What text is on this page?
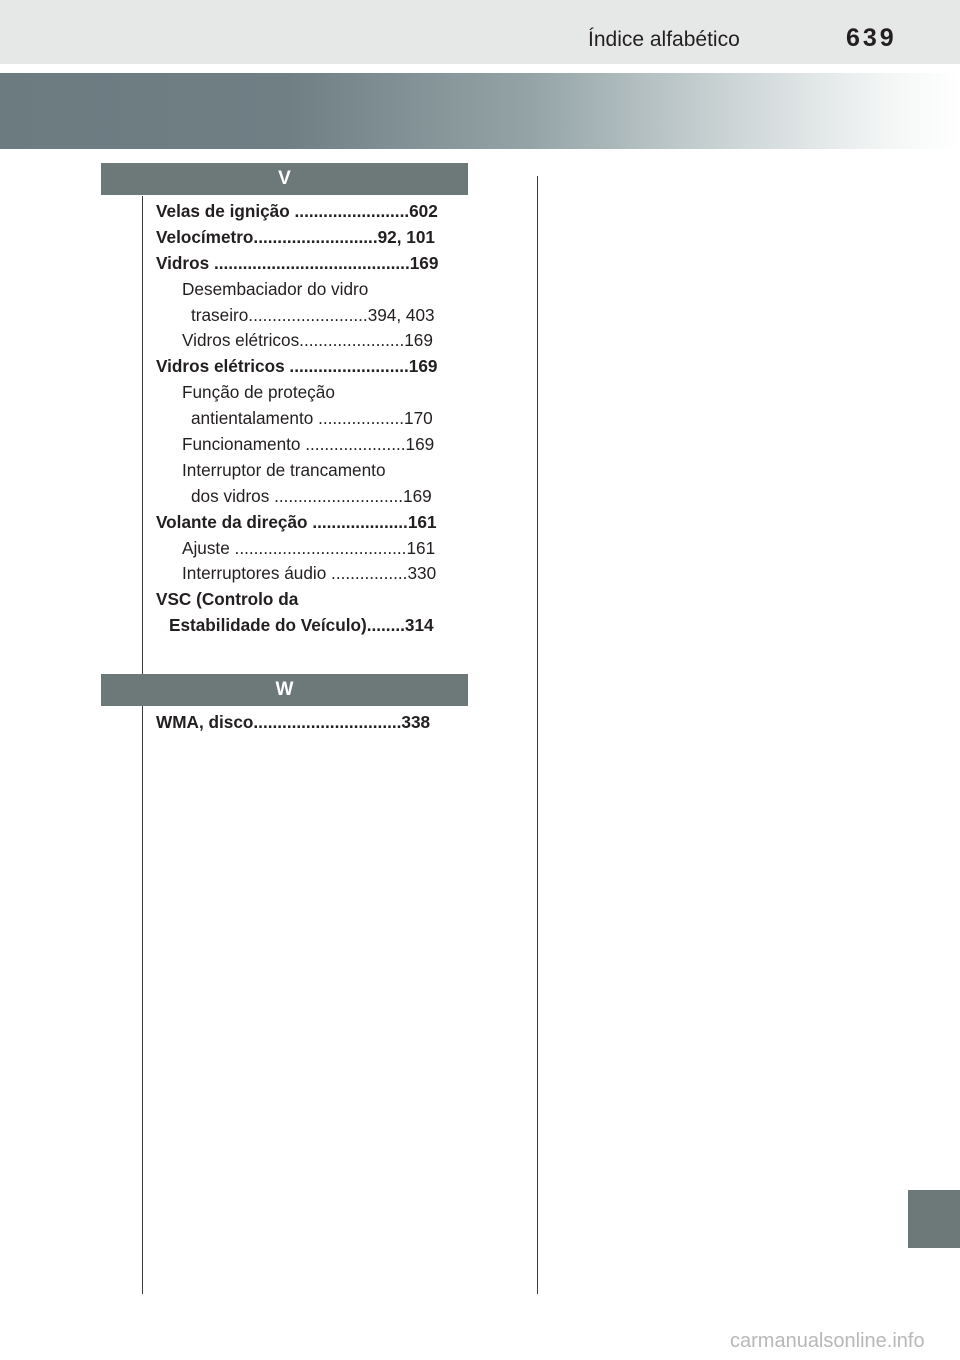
Índice alfabético	639
V
Velas de ignição ........................602
Velocímetro..........................92, 101
Vidros .........................................169
Desembaciador do vidro
traseiro.........................394, 403
Vidros elétricos......................169
Vidros elétricos .........................169
Função de proteção
antientalamento ..................170
Funcionamento .....................169
Interruptor de trancamento
dos vidros ...........................169
Volante da direção ....................161
Ajuste ....................................161
Interruptores áudio ................330
VSC (Controlo da
Estabilidade do Veículo)........314
W
WMA, disco...............................338
carmanualsonline.info
